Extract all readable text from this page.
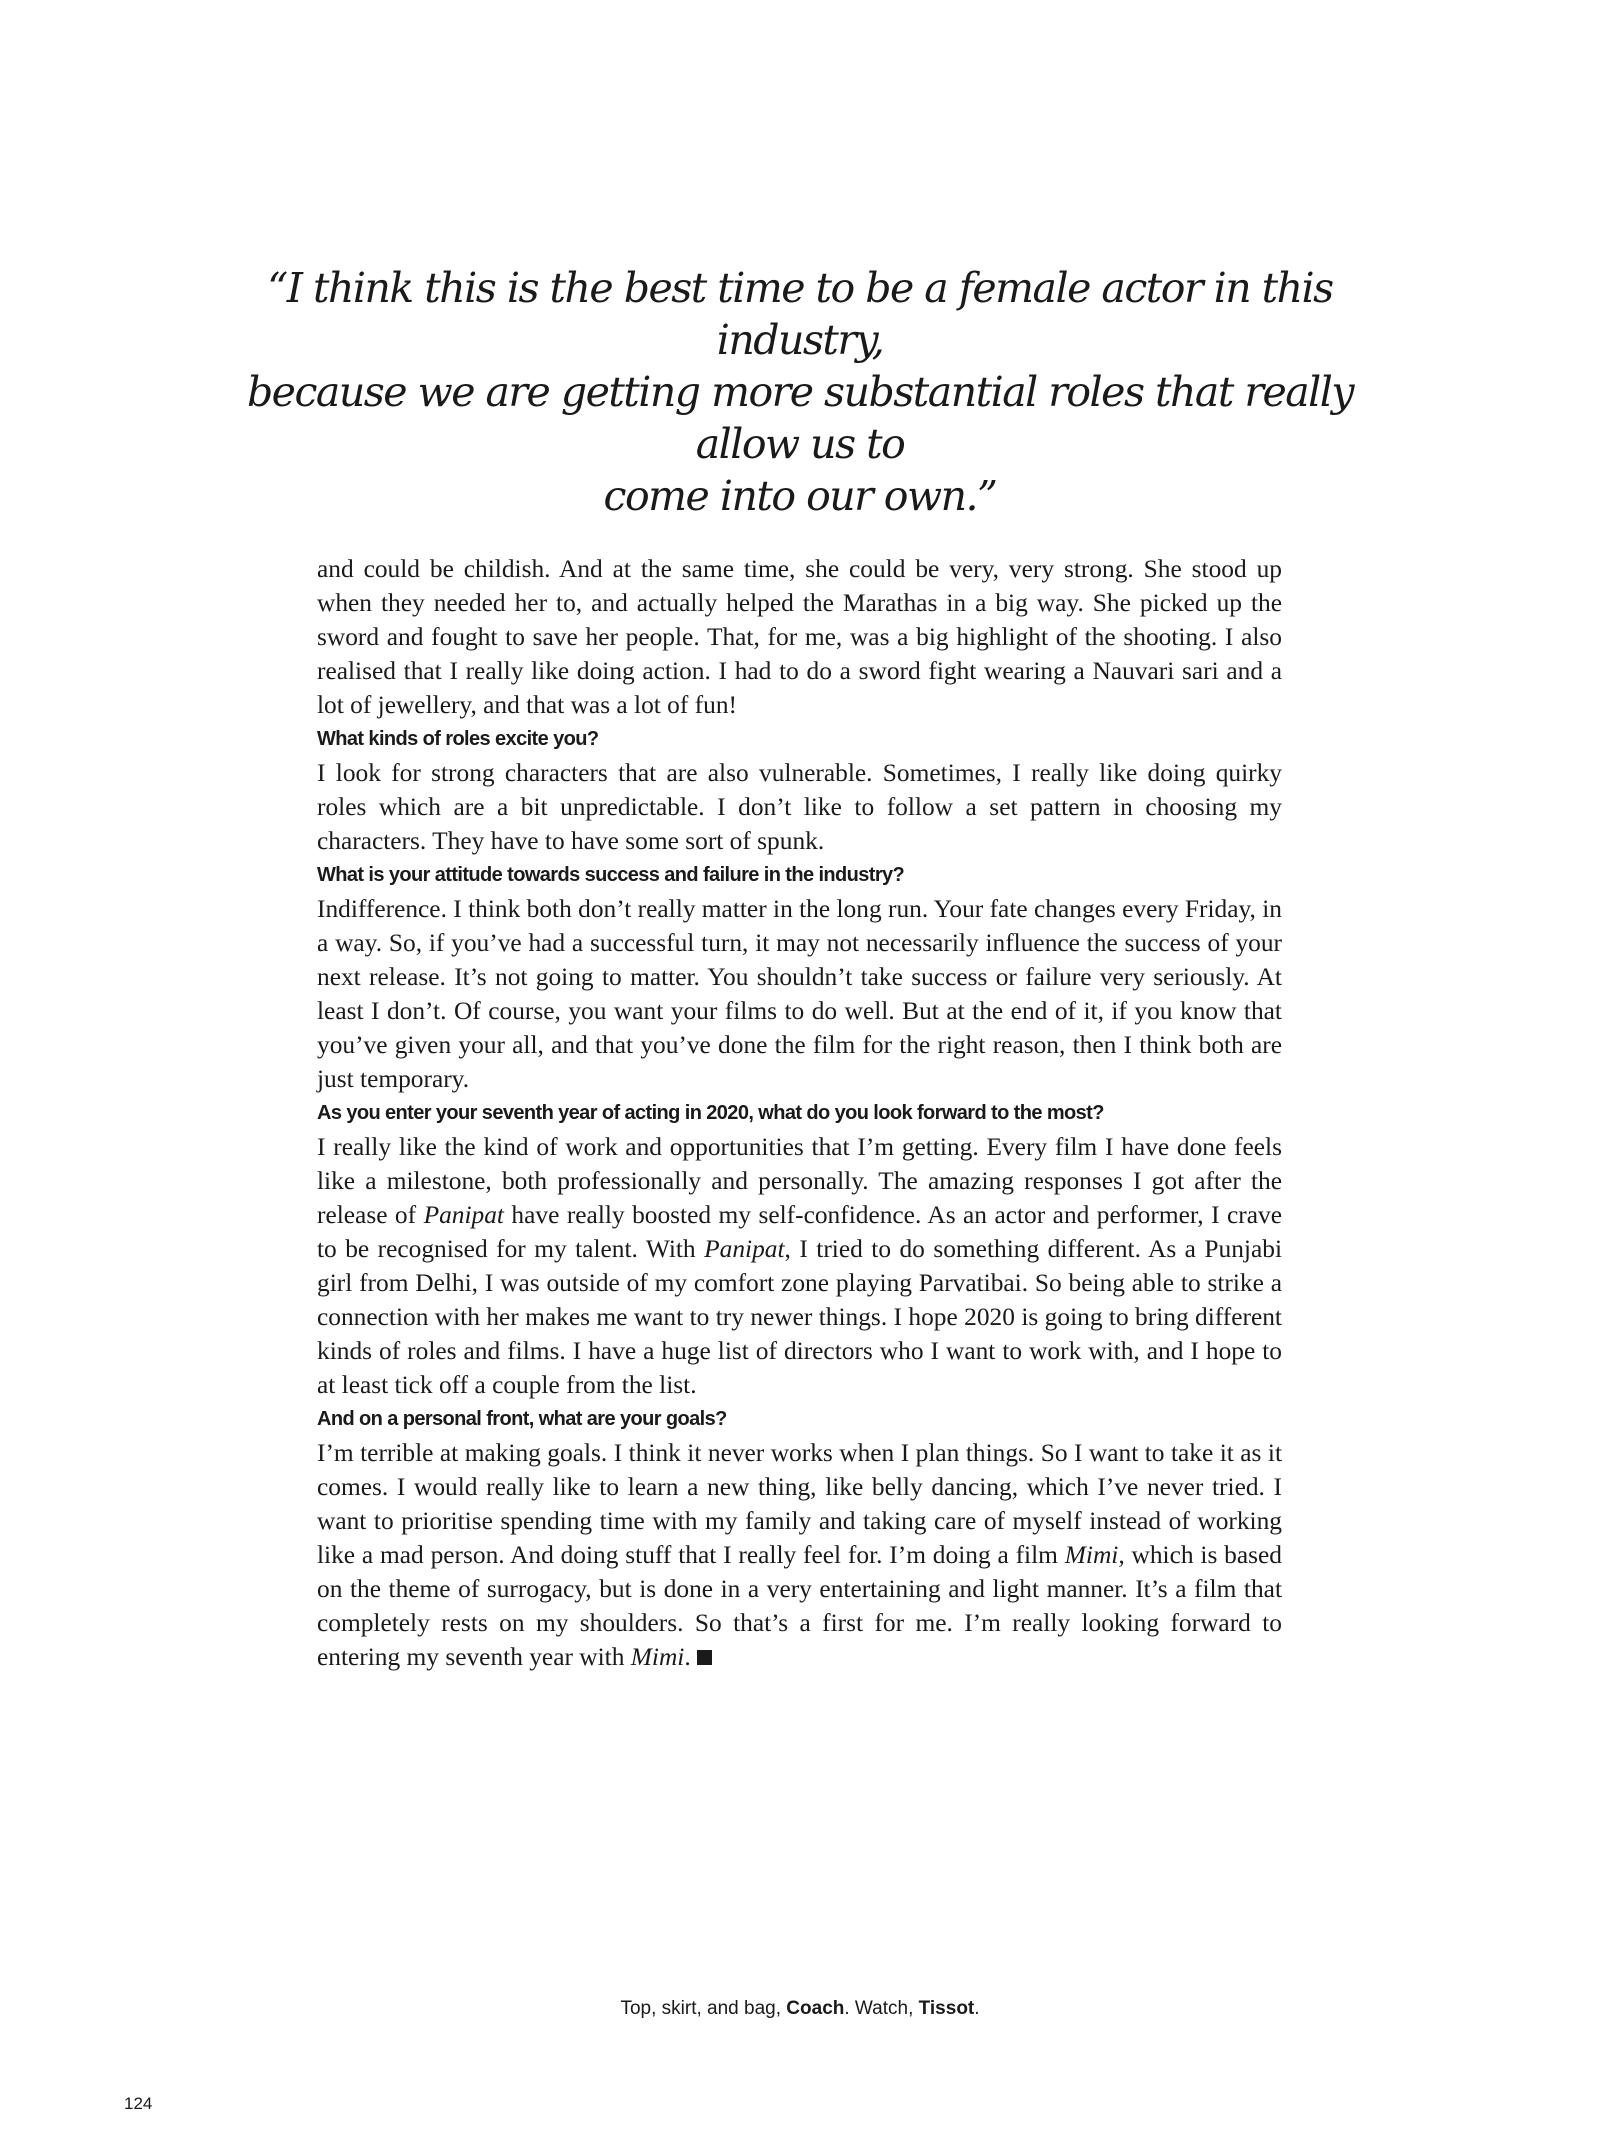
“I think this is the best time to be a female actor in this industry,
because we are getting more substantial roles that really allow us to
come into our own.”

and could be childish. And at the same time, she could be very, very strong. She stood up when they needed her to, and actually helped the Marathas in a big way. She picked up the sword and fought to save her people. That, for me, was a big highlight of the shooting. I also realised that I really like doing action. I had to do a sword fight wearing a Nauvari sari and a lot of jewellery, and that was a lot of fun!

What kinds of roles excite you?

I look for strong characters that are also vulnerable. Sometimes, I really like doing quirky roles which are a bit unpredictable. I don’t like to follow a set pattern in choosing my characters. They have to have some sort of spunk.

What is your attitude towards success and failure in the industry?

Indifference. I think both don’t really matter in the long run. Your fate changes every Friday, in a way. So, if you’ve had a successful turn, it may not necessarily influence the success of your next release. It’s not going to matter. You shouldn’t take success or failure very seriously. At least I don’t. Of course, you want your films to do well. But at the end of it, if you know that you’ve given your all, and that you’ve done the film for the right reason, then I think both are just temporary.

As you enter your seventh year of acting in 2020, what do you look forward to the most?

I really like the kind of work and opportunities that I’m getting. Every film I have done feels like a milestone, both professionally and personally. The amazing responses I got after the release of Panipat have really boosted my self-confidence. As an actor and performer, I crave to be recognised for my talent. With Panipat, I tried to do something different. As a Punjabi girl from Delhi, I was outside of my comfort zone playing Parvatibai. So being able to strike a connection with her makes me want to try newer things. I hope 2020 is going to bring different kinds of roles and films. I have a huge list of directors who I want to work with, and I hope to at least tick off a couple from the list.

And on a personal front, what are your goals?

I’m terrible at making goals. I think it never works when I plan things. So I want to take it as it comes. I would really like to learn a new thing, like belly dancing, which I’ve never tried. I want to prioritise spending time with my family and taking care of myself instead of working like a mad person. And doing stuff that I really feel for. I’m doing a film Mimi, which is based on the theme of surrogacy, but is done in a very entertaining and light manner. It’s a film that completely rests on my shoulders. So that’s a first for me. I’m really looking forward to entering my seventh year with Mimi.

Top, skirt, and bag, Coach. Watch, Tissot.
124
